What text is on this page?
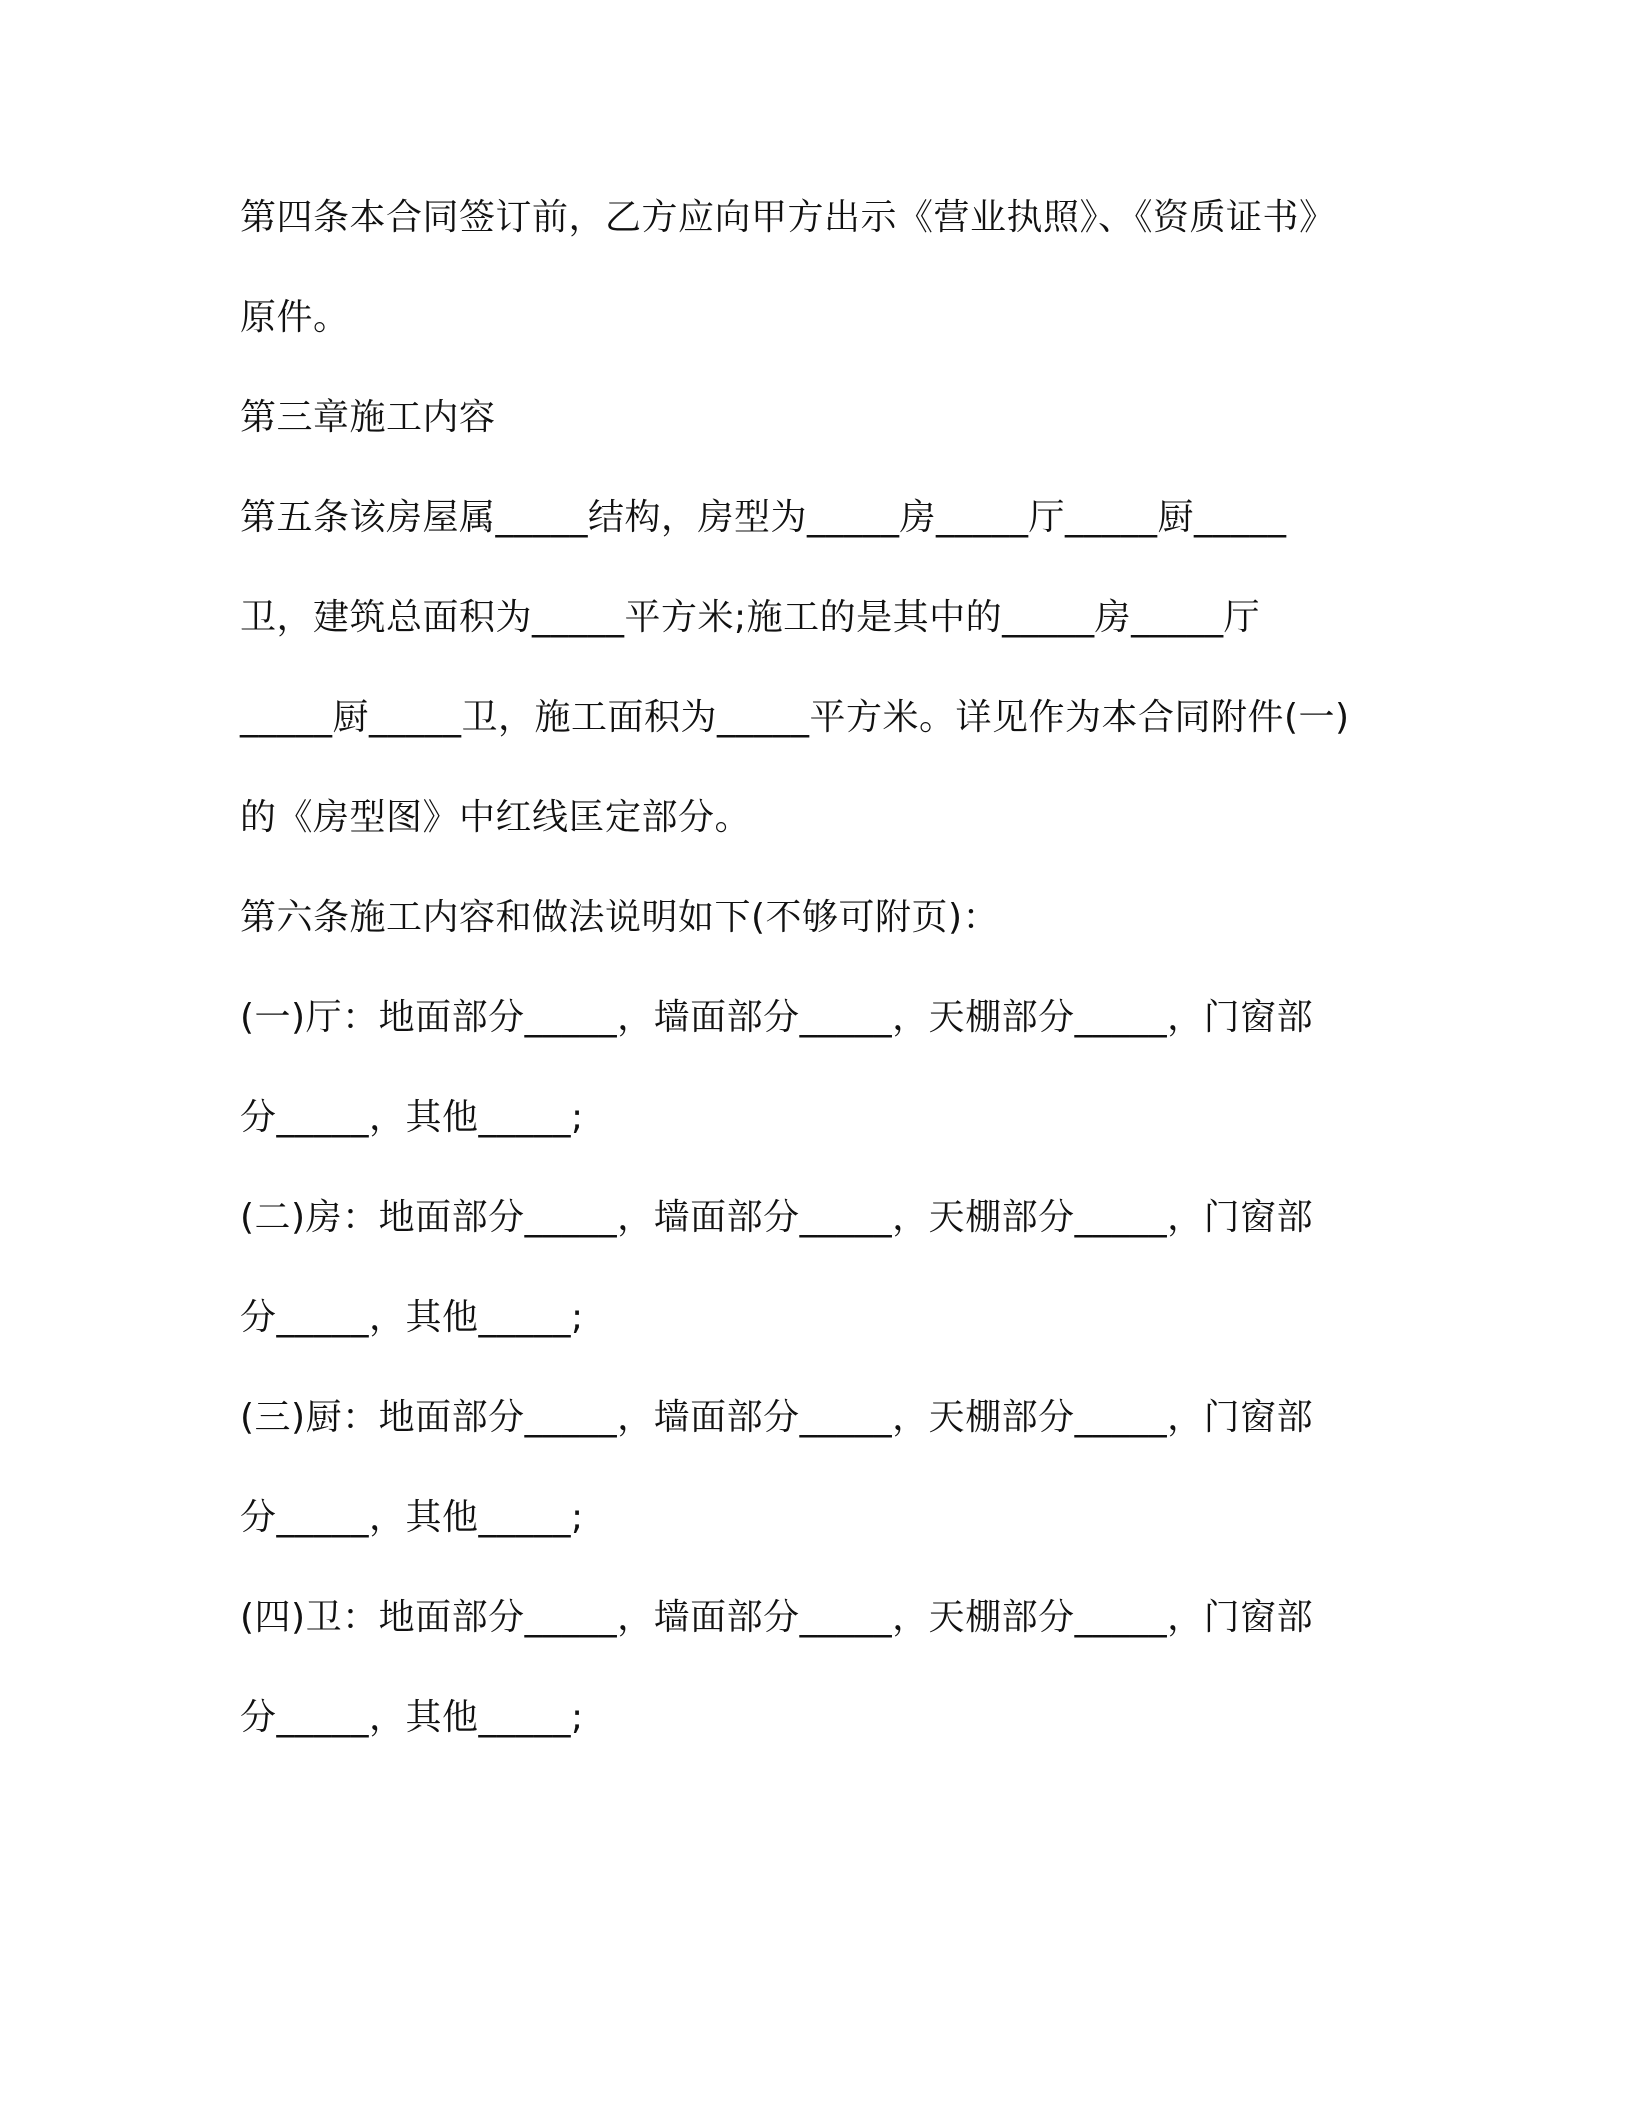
第四条本合同签订前，乙方应向甲方出示《营业执照》、《资质证书》
原件。
第三章施工内容
第五条该房屋属_____结构，房型为_____房_____厅_____厨_____
卫，建筑总面积为_____平方米;施工的是其中的_____房_____厅
_____厨_____卫，施工面积为_____平方米。详见作为本合同附件(一)
的《房型图》中红线匡定部分。
第六条施工内容和做法说明如下(不够可附页)：
(一)厅：地面部分_____，墙面部分_____，天棚部分_____，门窗部
分_____，其他_____;
(二)房：地面部分_____，墙面部分_____，天棚部分_____，门窗部
分_____，其他_____;
(三)厨：地面部分_____，墙面部分_____，天棚部分_____，门窗部
分_____，其他_____;
(四)卫：地面部分_____，墙面部分_____，天棚部分_____，门窗部
分_____，其他_____;
